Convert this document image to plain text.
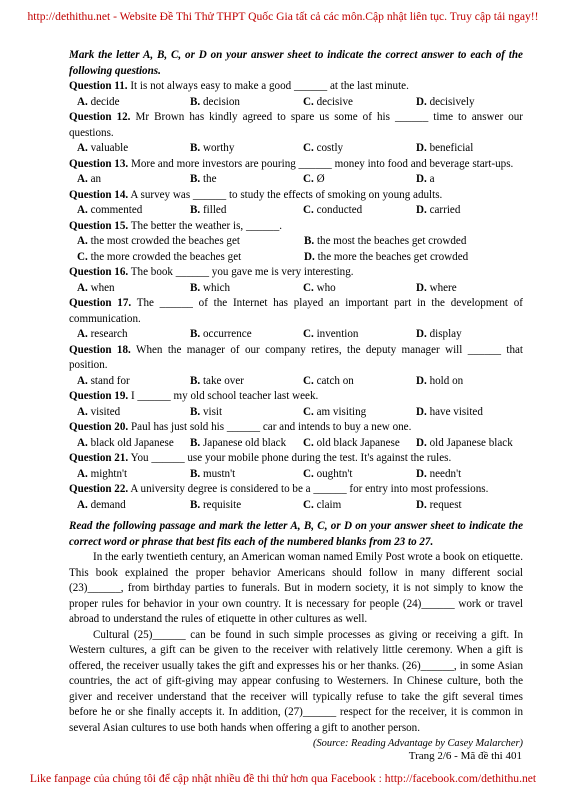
http://dethithu.net - Website Đề Thi Thử THPT Quốc Gia tất cả các môn.Cập nhật liên tục. Truy cập tải ngay!!
Mark the letter A, B, C, or D on your answer sheet to indicate the correct answer to each of the following questions.
Question 11. It is not always easy to make a good ______ at the last minute.
A. decide	B. decision	C. decisive	D. decisively
Question 12. Mr Brown has kindly agreed to spare us some of his ______ time to answer our questions.
A. valuable	B. worthy	C. costly	D. beneficial
Question 13. More and more investors are pouring ______ money into food and beverage start-ups.
A. an	B. the	C. Ø	D. a
Question 14. A survey was ______ to study the effects of smoking on young adults.
A. commented	B. filled	C. conducted	D. carried
Question 15. The better the weather is, ______.
A. the most crowded the beaches get	B. the most the beaches get crowded
C. the more crowded the beaches get	D. the more the beaches get crowded
Question 16. The book ______ you gave me is very interesting.
A. when	B. which	C. who	D. where
Question 17. The ______ of the Internet has played an important part in the development of communication.
A. research	B. occurrence	C. invention	D. display
Question 18. When the manager of our company retires, the deputy manager will ______ that position.
A. stand for	B. take over	C. catch on	D. hold on
Question 19. I ______ my old school teacher last week.
A. visited	B. visit	C. am visiting	D. have visited
Question 20. Paul has just sold his ______ car and intends to buy a new one.
A. black old Japanese	B. Japanese old black	C. old black Japanese	D. old Japanese black
Question 21. You ______ use your mobile phone during the test. It's against the rules.
A. mightn't	B. mustn't	C. oughtn't	D. needn't
Question 22. A university degree is considered to be a ______ for entry into most professions.
A. demand	B. requisite	C. claim	D. request
Read the following passage and mark the letter A, B, C, or D on your answer sheet to indicate the correct word or phrase that best fits each of the numbered blanks from 23 to 27.
In the early twentieth century, an American woman named Emily Post wrote a book on etiquette. This book explained the proper behavior Americans should follow in many different social (23)______, from birthday parties to funerals. But in modern society, it is not simply to know the proper rules for behavior in your own country. It is necessary for people (24)______ work or travel abroad to understand the rules of etiquette in other cultures as well.
Cultural (25)______ can be found in such simple processes as giving or receiving a gift. In Western cultures, a gift can be given to the receiver with relatively little ceremony. When a gift is offered, the receiver usually takes the gift and expresses his or her thanks. (26)______, in some Asian countries, the act of gift-giving may appear confusing to Westerners. In Chinese culture, both the giver and receiver understand that the receiver will typically refuse to take the gift several times before he or she finally accepts it. In addition, (27)______ respect for the receiver, it is common in several Asian cultures to use both hands when offering a gift to another person.
(Source: Reading Advantage by Casey Malarcher)
Trang 2/6 - Mã đề thi 401
Like fanpage của chúng tôi để cập nhật nhiều đề thi thử hơn qua Facebook : http://facebook.com/dethithu.net
